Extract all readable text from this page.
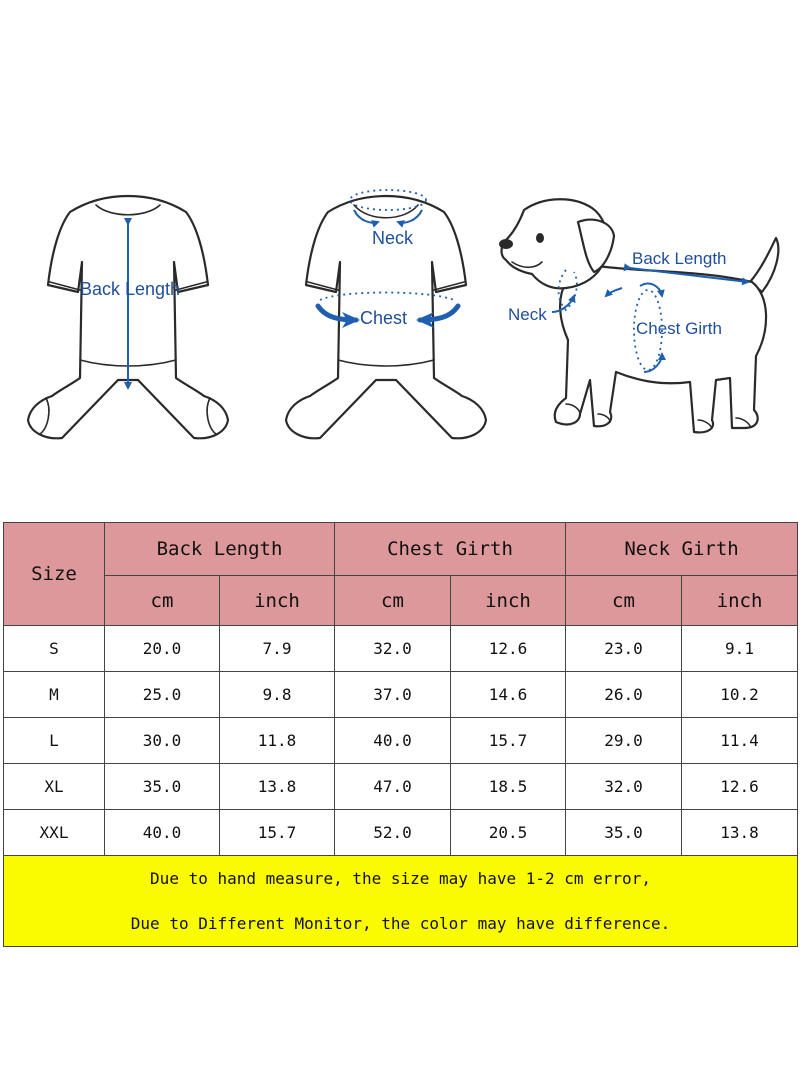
Back Length
Neck
Chest
Back Length
Neck
Chest Girth
Size	Back Length		Chest Girth		Neck Girth	
	cm	inch	cm	inch	cm	inch
S	20.0	7.9	32.0	12.6	23.0	9.1
M	25.0	9.8	37.0	14.6	26.0	10.2
L	30.0	11.8	40.0	15.7	29.0	11.4
XL	35.0	13.8	47.0	18.5	32.0	12.6
XXL	40.0	15.7	52.0	20.5	35.0	13.8

Due to hand measure, the size may have 1-2 cm error,
Due to Different Monitor, the color may have difference.						
